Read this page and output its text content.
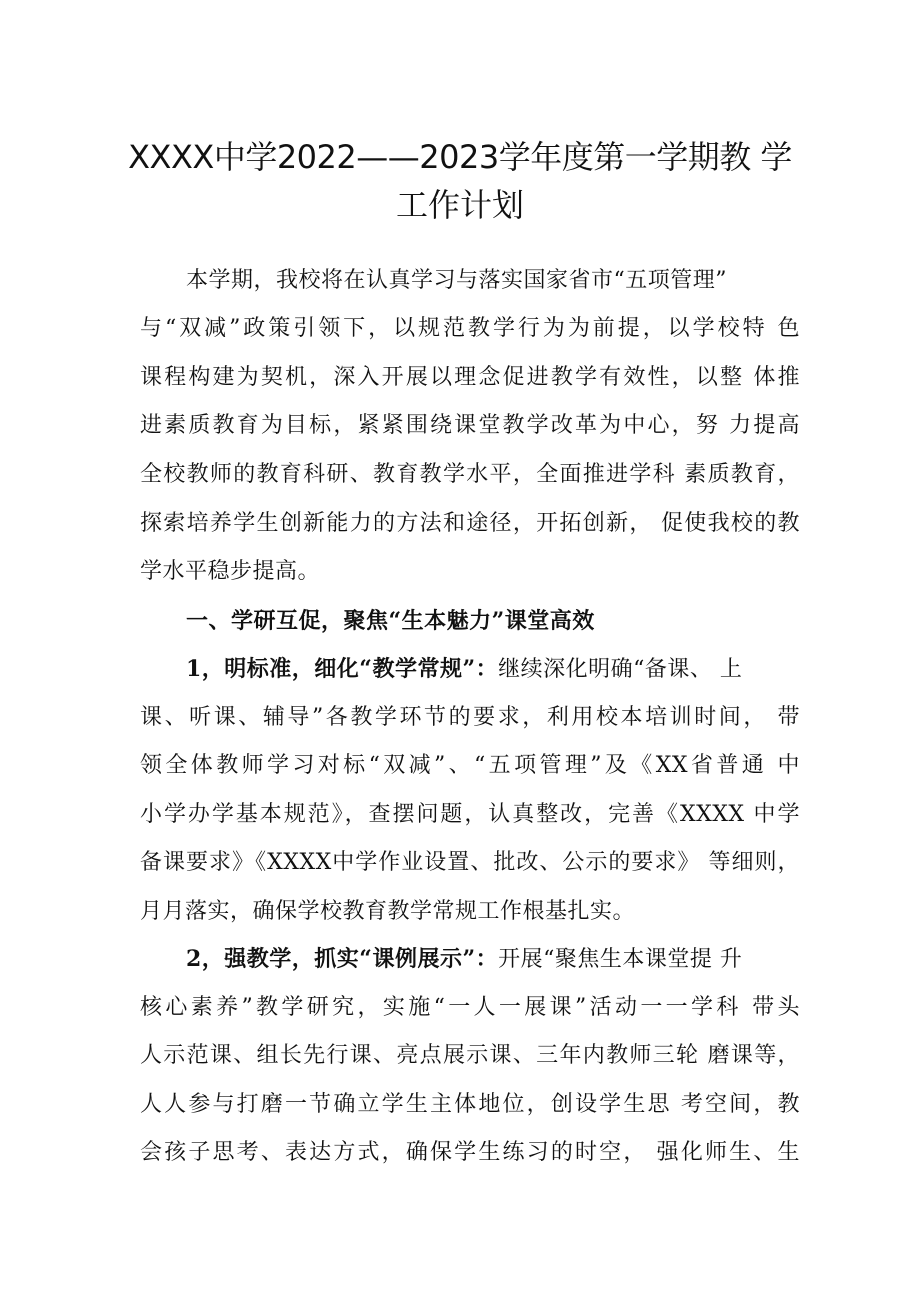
XXXX中学2022——2023学年度第一学期教 学
工作计划
本学期，我校将在认真学习与落实国家省市“五项管理”
与“双减”政策引领下，以规范教学行为为前提，以学校特 色
课程构建为契机，深入开展以理念促进教学有效性，以整 体推
进素质教育为目标，紧紧围绕课堂教学改革为中心，努 力提高
全校教师的教育科研、教育教学水平，全面推进学科 素质教育，
探索培养学生创新能力的方法和途径，开拓创新， 促使我校的教
学水平稳步提高。
一、学研互促，聚焦“生本魅力”课堂高效
1，明标准，细化“教学常规”：继续深化明确“备课、 上
课、听课、辅导”各教学环节的要求，利用校本培训时间， 带
领全体教师学习对标“双减”、“五项管理”及《XX省普通 中
小学办学基本规范》，查摆问题，认真整改，完善《XXXX 中学
备课要求》《XXXX中学作业设置、批改、公示的要求》 等细则，
月月落实，确保学校教育教学常规工作根基扎实。
2，强教学，抓实“课例展示”：开展“聚焦生本课堂提 升
核心素养”教学研究，实施“一人一展课”活动一一学科 带头
人示范课、组长先行课、亮点展示课、三年内教师三轮 磨课等，
人人参与打磨一节确立学生主体地位，创设学生思 考空间，教
会孩子思考、表达方式，确保学生练习的时空， 强化师生、生
